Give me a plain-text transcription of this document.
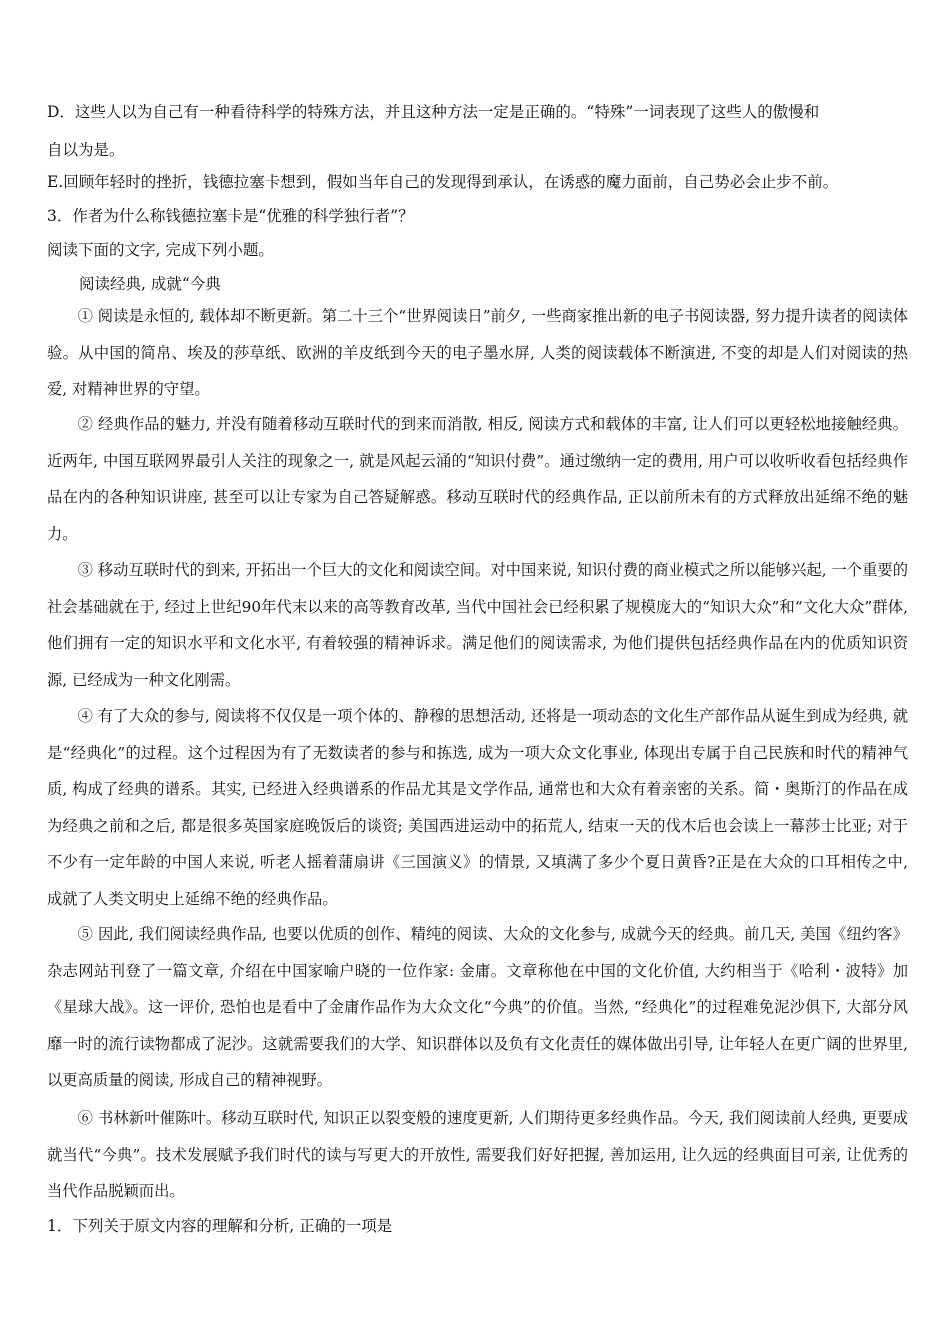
D．这些人以为自己有一种看待科学的特殊方法，并且这种方法一定是正确的。“特殊”一词表现了这些人的傲慢和
自以为是。
E.回顾年轻时的挫折，钱德拉塞卡想到，假如当年自己的发现得到承认，在诱惑的魔力面前，自己势必会止步不前。
3．作者为什么称钱德拉塞卡是“优雅的科学独行者”？
阅读下面的文字, 完成下列小题。
阅读经典, 成就“今典
① 阅读是永恒的, 载体却不断更新。第二十三个“世界阅读日”前夕, 一些商家推出新的电子书阅读器, 努力提升读者的阅读体验。从中国的简帛、埃及的莎草纸、欧洲的羊皮纸到今天的电子墨水屏, 人类的阅读载体不断演进, 不变的却是人们对阅读的热爱, 对精神世界的守望。
② 经典作品的魅力, 并没有随着移动互联时代的到来而消散, 相反, 阅读方式和载体的丰富, 让人们可以更轻松地接触经典。近两年, 中国互联网界最引人关注的现象之一, 就是风起云涌的“知识付费”。通过缴纳一定的费用, 用户可以收听收看包括经典作品在内的各种知识讲座, 甚至可以让专家为自己答疑解惑。移动互联时代的经典作品, 正以前所未有的方式释放出延绵不绝的魅力。
③ 移动互联时代的到来, 开拓出一个巨大的文化和阅读空间。对中国来说, 知识付费的商业模式之所以能够兴起, 一个重要的社会基础就在于, 经过上世纪90年代末以来的高等教育改革, 当代中国社会已经积累了规模庞大的“知识大众”和“文化大众”群体, 他们拥有一定的知识水平和文化水平, 有着较强的精神诉求。满足他们的阅读需求, 为他们提供包括经典作品在内的优质知识资源, 已经成为一种文化刚需。
④ 有了大众的参与, 阅读将不仅仅是一项个体的、静穆的思想活动, 还将是一项动态的文化生产部作品从诞生到成为经典, 就是“经典化”的过程。这个过程因为有了无数读者的参与和拣选, 成为一项大众文化事业, 体现出专属于自己民族和时代的精神气质, 构成了经典的谱系。其实, 已经进入经典谱系的作品尤其是文学作品, 通常也和大众有着亲密的关系。简・奥斯汀的作品在成为经典之前和之后, 都是很多英国家庭晚饭后的谈资; 美国西进运动中的拓荒人, 结束一天的伐木后也会读上一幕莎士比亚; 对于不少有一定年龄的中国人来说, 听老人摇着蒲扇讲《三国演义》的情景, 又填满了多少个夏日黄昏?正是在大众的口耳相传之中, 成就了人类文明史上延绵不绝的经典作品。
⑤ 因此, 我们阅读经典作品, 也要以优质的创作、精纯的阅读、大众的文化参与, 成就今天的经典。前几天, 美国《纽约客》杂志网站刊登了一篇文章, 介绍在中国家喻户晓的一位作家: 金庸。文章称他在中国的文化价值, 大约相当于《哈利・波特》加《星球大战》。这一评价, 恐怕也是看中了金庸作品作为大众文化“今典”的价值。当然, “经典化”的过程难免泥沙俱下, 大部分风靡一时的流行读物都成了泥沙。这就需要我们的大学、知识群体以及负有文化责任的媒体做出引导, 让年轻人在更广阔的世界里, 以更高质量的阅读, 形成自己的精神视野。
⑥ 书林新叶催陈叶。移动互联时代, 知识正以裂变般的速度更新, 人们期待更多经典作品。今天, 我们阅读前人经典, 更要成就当代“今典”。技术发展赋予我们时代的读与写更大的开放性, 需要我们好好把握, 善加运用, 让久远的经典面目可亲, 让优秀的当代作品脱颖而出。
1．下列关于原文内容的理解和分析, 正确的一项是
